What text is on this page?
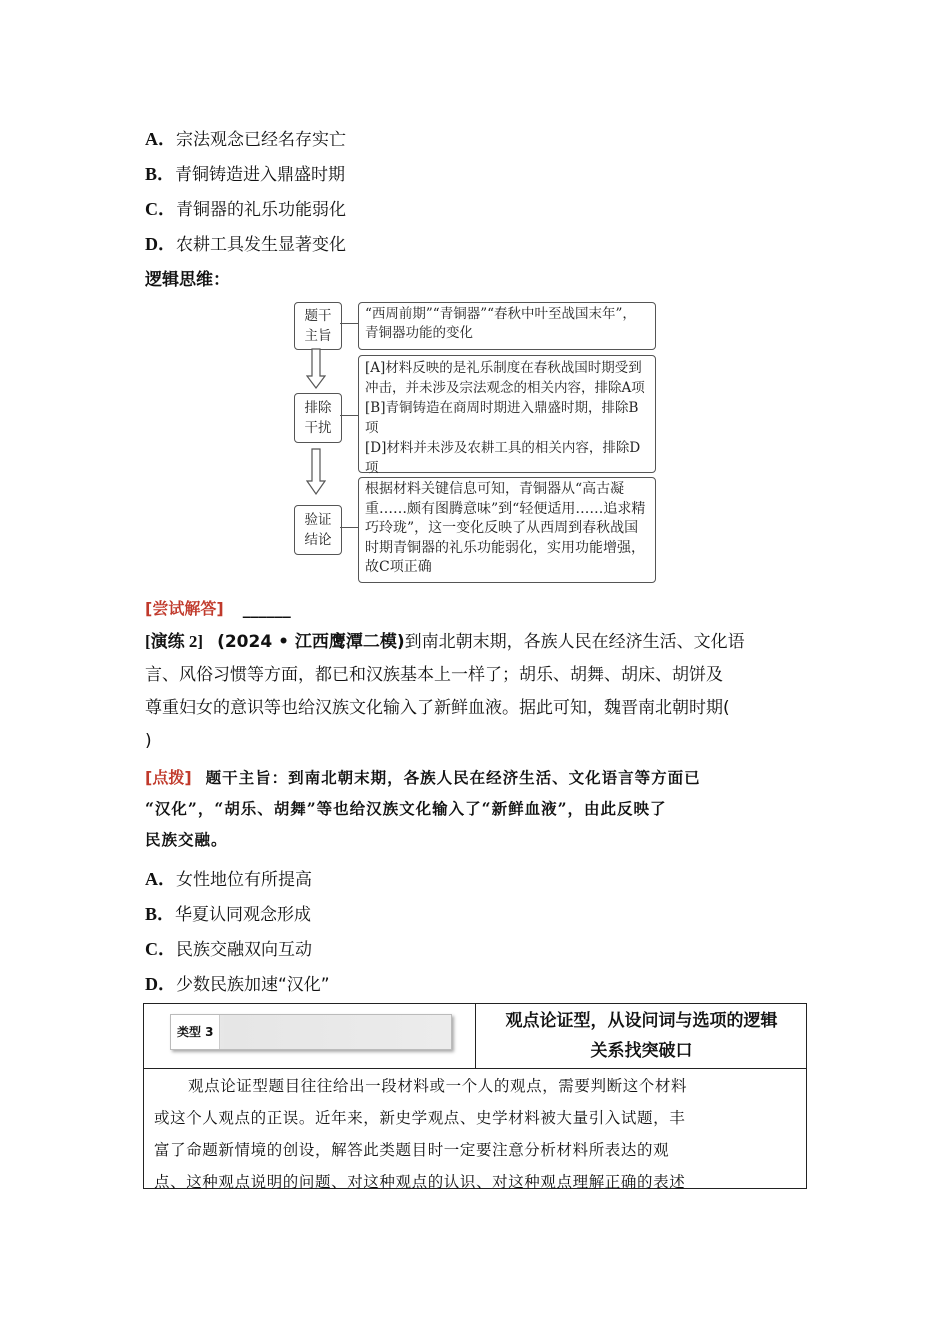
A．宗法观念已经名存实亡
B．青铜铸造进入鼎盛时期
C．青铜器的礼乐功能弱化
D．农耕工具发生显著变化
逻辑思维：
题干
主旨
“西周前期”“青铜器”“春秋中叶至战国末年”，青铜器功能的变化
排除
干扰
[A]材料反映的是礼乐制度在春秋战国时期受到冲击，并未涉及宗法观念的相关内容，排除A项
[B]青铜铸造在商周时期进入鼎盛时期，排除B项
[D]材料并未涉及农耕工具的相关内容，排除D项
验证
结论
根据材料关键信息可知，青铜器从“高古凝重……颇有图腾意味”到“轻便适用……追求精巧玲珑”，这一变化反映了从西周到春秋战国时期青铜器的礼乐功能弱化，实用功能增强，故C项正确
[尝试解答] ______
[演练 2] (2024 • 江西鹰潭二模)到南北朝末期，各族人民在经济生活、文化语
言、风俗习惯等方面，都已和汉族基本上一样了；胡乐、胡舞、胡床、胡饼及
尊重妇女的意识等也给汉族文化输入了新鲜血液。据此可知，魏晋南北朝时期(
)
[点拨] 题干主旨：到南北朝末期，各族人民在经济生活、文化语言等方面已
“汉化”，“胡乐、胡舞”等也给汉族文化输入了“新鲜血液”，由此反映了
民族交融。
A．女性地位有所提高
B．华夏认同观念形成
C．民族交融双向互动
D．少数民族加速“汉化”
类型 3
观点论证型，从设问词与选项的逻辑
关系找突破口
观点论证型题目往往给出一段材料或一个人的观点，需要判断这个材料
或这个人观点的正误。近年来，新史学观点、史学材料被大量引入试题，丰
富了命题新情境的创设，解答此类题目时一定要注意分析材料所表达的观
点、这种观点说明的问题、对这种观点的认识、对这种观点理解正确的表述
